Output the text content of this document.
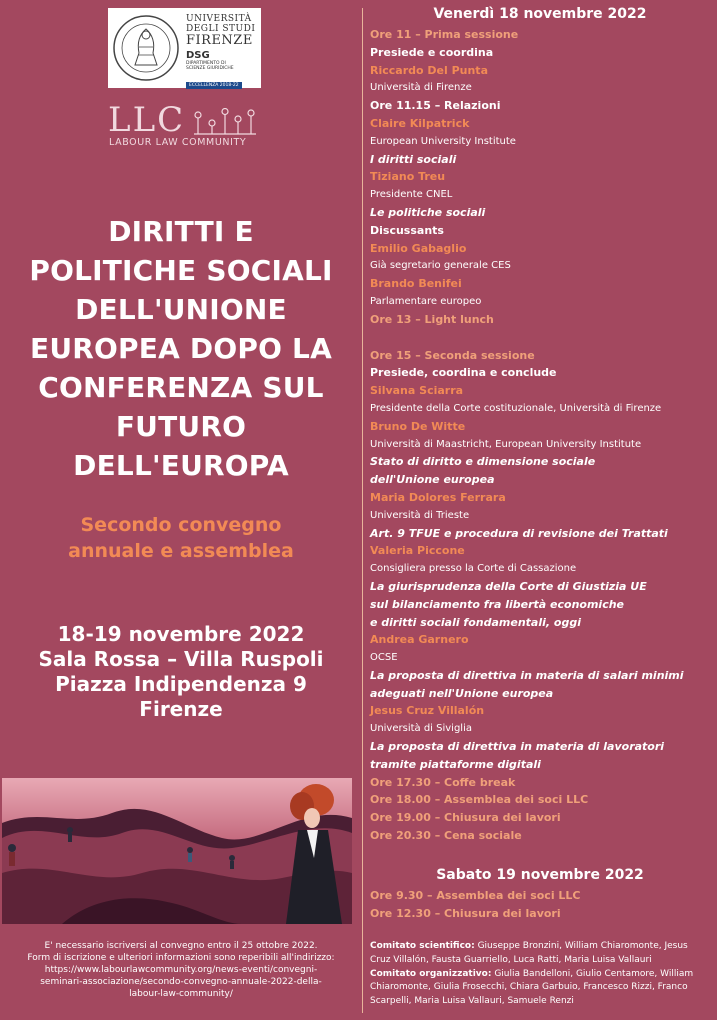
UNIVERSITÀ
DEGLI STUDI
FIRENZE
DSG
DIPARTIMENTO DI
SCIENZE GIURIDICHE
ECCELLENZA 2018-22
LLC
LABOUR LAW COMMUNITY
DIRITTI E
POLITICHE SOCIALI
DELL'UNIONE
EUROPEA DOPO LA
CONFERENZA SUL
FUTURO
DELL'EUROPA
Secondo convegno
annuale e assemblea
18-19 novembre 2022
Sala Rossa – Villa Ruspoli
Piazza Indipendenza 9
Firenze
E' necessario iscriversi al convegno entro il 25 ottobre 2022.
Form di iscrizione e ulteriori informazioni sono reperibili all'indirizzo:
https://www.labourlawcommunity.org/news-eventi/convegni-
seminari-associazione/secondo-convegno-annuale-2022-della-
labour-law-community/
Venerdì 18 novembre 2022
Ore 11 – Prima sessione
Presiede e coordina
Riccardo Del Punta
Università di Firenze
Ore 11.15 – Relazioni
Claire Kilpatrick
European University Institute
I diritti sociali
Tiziano Treu
Presidente CNEL
Le politiche sociali
Discussants
Emilio Gabaglio
Già segretario generale CES
Brando Benifei
Parlamentare europeo
Ore 13 – Light lunch
Ore 15 – Seconda sessione
Presiede, coordina e conclude
Silvana Sciarra
Presidente della Corte costituzionale, Università di Firenze
Bruno De Witte
Università di Maastricht, European University Institute
Stato di diritto e dimensione sociale
dell'Unione europea
Maria Dolores Ferrara
Università di Trieste
Art. 9 TFUE e procedura di revisione dei Trattati
Valeria Piccone
Consigliera presso la Corte di Cassazione
La giurisprudenza della Corte di Giustizia UE
sul bilanciamento fra libertà economiche
e diritti sociali fondamentali, oggi
Andrea Garnero
OCSE
La proposta di direttiva in materia di salari minimi
adeguati nell'Unione europea
Jesus Cruz Villalón
Università di Siviglia
La proposta di direttiva in materia di lavoratori
tramite piattaforme digitali
Ore 17.30 – Coffe break
Ore 18.00 – Assemblea dei soci LLC
Ore 19.00 – Chiusura dei lavori
Ore 20.30 – Cena sociale
Sabato 19 novembre 2022
Ore 9.30 – Assemblea dei soci LLC
Ore 12.30 – Chiusura dei lavori
Comitato scientifico: Giuseppe Bronzini, William Chiaromonte, Jesus Cruz Villalón, Fausta Guarriello, Luca Ratti, Maria Luisa Vallauri
Comitato organizzativo: Giulia Bandelloni, Giulio Centamore, William Chiaromonte, Giulia Frosecchi, Chiara Garbuio, Francesco Rizzi, Franco Scarpelli, Maria Luisa Vallauri, Samuele Renzi
